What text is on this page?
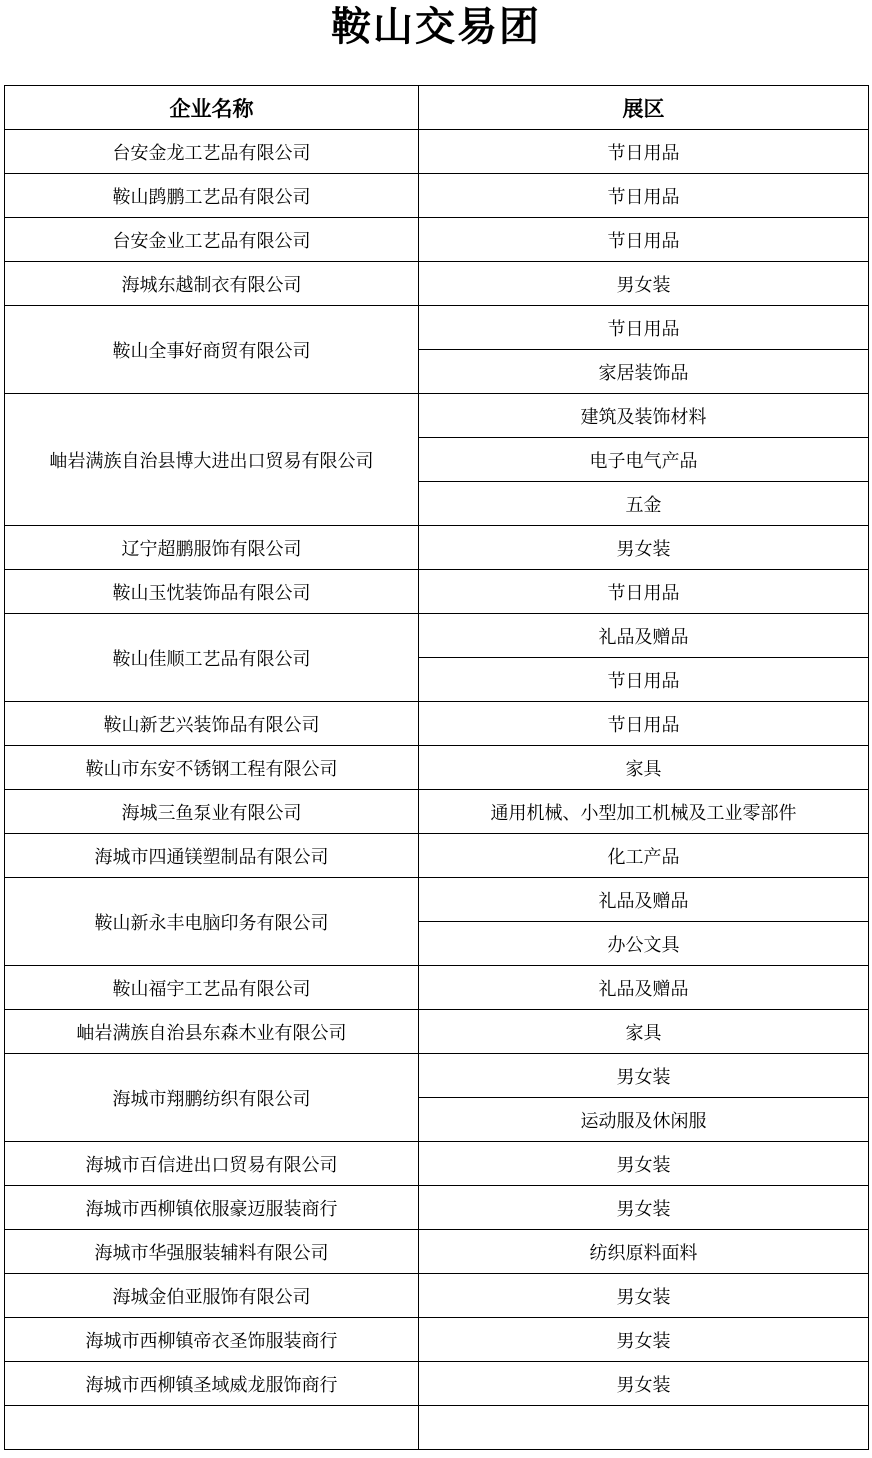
鞍山交易团
企业名称	展区
台安金龙工艺品有限公司	节日用品
鞍山鹍鹏工艺品有限公司	节日用品
台安金业工艺品有限公司	节日用品
海城东越制衣有限公司	男女装
鞍山全事好商贸有限公司	节日用品
	家居装饰品
岫岩满族自治县博大进出口贸易有限公司	建筑及装饰材料
	电子电气产品
	五金
辽宁超鹏服饰有限公司	男女装
鞍山玉忱装饰品有限公司	节日用品
鞍山佳顺工艺品有限公司	礼品及赠品
	节日用品
鞍山新艺兴装饰品有限公司	节日用品
鞍山市东安不锈钢工程有限公司	家具
海城三鱼泵业有限公司	通用机械、小型加工机械及工业零部件
海城市四通镁塑制品有限公司	化工产品
鞍山新永丰电脑印务有限公司	礼品及赠品
	办公文具
鞍山福宇工艺品有限公司	礼品及赠品
岫岩满族自治县东森木业有限公司	家具
海城市翔鹏纺织有限公司	男女装
	运动服及休闲服
海城市百信进出口贸易有限公司	男女装
海城市西柳镇依服豪迈服装商行	男女装
海城市华强服装辅料有限公司	纺织原料面料
海城金伯亚服饰有限公司	男女装
海城市西柳镇帝衣圣饰服装商行	男女装
海城市西柳镇圣域威龙服饰商行	男女装
